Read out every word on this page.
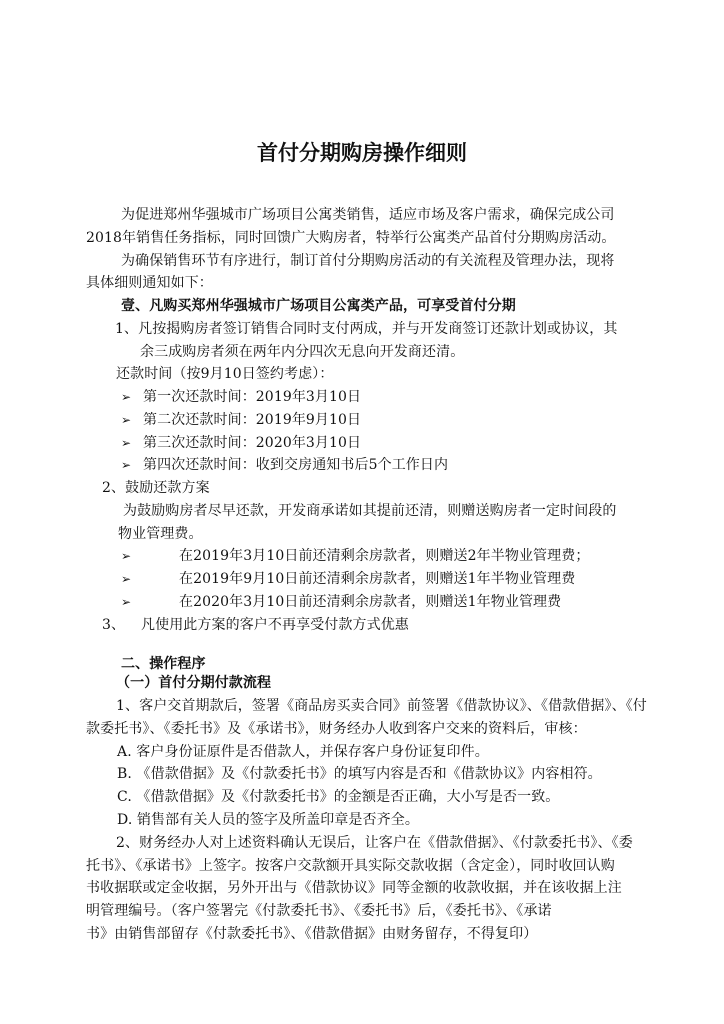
首付分期购房操作细则
为促进郑州华强城市广场项目公寓类销售，适应市场及客户需求，确保完成公司
2018年销售任务指标，同时回馈广大购房者，特举行公寓类产品首付分期购房活动。
为确保销售环节有序进行，制订首付分期购房活动的有关流程及管理办法，现将
具体细则通知如下：
壹、凡购买郑州华强城市广场项目公寓类产品，可享受首付分期
1、凡按揭购房者签订销售合同时支付两成，并与开发商签订还款计划或协议，其
余三成购房者须在两年内分四次无息向开发商还清。
还款时间（按9月10日签约考虑）：
➢ 第一次还款时间：2019年3月10日
➢ 第二次还款时间：2019年9月10日
➢ 第三次还款时间：2020年3月10日
➢ 第四次还款时间：收到交房通知书后5个工作日内
2、鼓励还款方案
为鼓励购房者尽早还款，开发商承诺如其提前还清，则赠送购房者一定时间段的
物业管理费。
➢	在2019年3月10日前还清剩余房款者，则赠送2年半物业管理费；
➢	在2019年9月10日前还清剩余房款者，则赠送1年半物业管理费
➢	在2020年3月10日前还清剩余房款者，则赠送1年物业管理费
3、 凡使用此方案的客户不再享受付款方式优惠
二、操作程序
（一）首付分期付款流程
1、客户交首期款后，签署《商品房买卖合同》前签署《借款协议》、《借款借据》、《付
款委托书》、《委托书》及《承诺书》，财务经办人收到客户交来的资料后，审核：
A. 客户身份证原件是否借款人，并保存客户身份证复印件。
B. 《借款借据》及《付款委托书》的填写内容是否和《借款协议》内容相符。
C. 《借款借据》及《付款委托书》的金额是否正确，大小写是否一致。
D. 销售部有关人员的签字及所盖印章是否齐全。
2、财务经办人对上述资料确认无误后，让客户在《借款借据》、《付款委托书》、《委
托书》、《承诺书》上签字。按客户交款额开具实际交款收据（含定金），同时收回认购
书收据联或定金收据，另外开出与《借款协议》同等金额的收款收据，并在该收据上注
明管理编号。（客户签署完《付款委托书》、《委托书》后，《委托书》、《承诺
书》由销售部留存《付款委托书》、《借款借据》由财务留存，不得复印）
